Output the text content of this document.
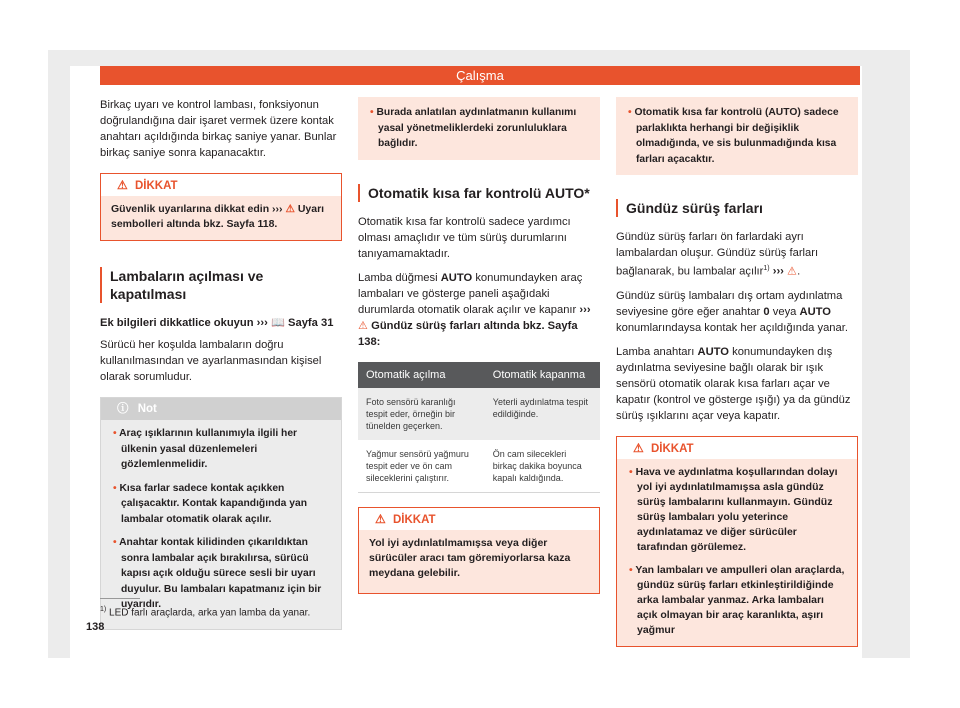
Çalışma

Birkaç uyarı ve kontrol lambası, fonksiyonun doğrulandığına dair işaret vermek üzere kontak anahtarı açıldığında birkaç saniye yanar. Bunlar birkaç saniye sonra kapanacaktır.

⚠ DİKKAT
Güvenlik uyarılarına dikkat edin ››› ⚠ Uyarı sembolleri altında bkz. Sayfa 118.
Lambaların açılması ve kapatılması

Ek bilgileri dikkatlice okuyun ››› 📖 Sayfa 31

Sürücü her koşulda lambaların doğru kullanılmasından ve ayarlanmasından kişisel olarak sorumludur.

ⓘ Not

• Araç ışıklarının kullanımıyla ilgili her ülkenin yasal düzenlemeleri gözlemlenmelidir.

• Kısa farlar sadece kontak açıkken çalışacaktır. Kontak kapandığında yan lambalar otomatik olarak açılır.

• Anahtar kontak kilidinden çıkarıldıktan sonra lambalar açık bırakılırsa, sürücü kapısı açık olduğu sürece sesli bir uyarı duyulur. Bu lambaları kapatmanız için bir uyarıdır.

• Burada anlatılan aydınlatmanın kullanımı yasal yönetmeliklerdeki zorunluluklara bağlıdır.

Otomatik kısa far kontrolü AUTO*

Otomatik kısa far kontrolü sadece yardımcı olması amaçlıdır ve tüm sürüş durumlarını tanıyamamaktadır.

Lamba düğmesi AUTO konumundayken araç lambaları ve gösterge paneli aşağıdaki durumlarda otomatik olarak açılır ve kapanır ››› ⚠ Gündüz sürüş farları altında bkz. Sayfa 138:

Otomatik açılma	Otomatik kapanma
Foto sensörü karanlığı tespit eder, örneğin bir tünelden geçerken.	Yeterli aydınlatma tespit edildiğinde.
Yağmur sensörü yağmuru tespit eder ve ön cam sileceklerini çalıştırır.	Ön cam silecekleri birkaç dakika boyunca kapalı kaldığında.
⚠ DİKKAT
Yol iyi aydınlatılmamışsa veya diğer sürücüler aracı tam göremiyorlarsa kaza meydana gelebilir.

• Otomatik kısa far kontrolü (AUTO) sadece parlaklıkta herhangi bir değişiklik olmadığında, ve sis bulunmadığında kısa farları açacaktır.

Gündüz sürüş farları

Gündüz sürüş farları ön farlardaki ayrı lambalardan oluşur. Gündüz sürüş farları bağlanarak, bu lambalar açılır$^{1)}$ ››› ⚠.

Gündüz sürüş lambaları dış ortam aydınlatma seviyesine göre eğer anahtar 0 veya AUTO konumlarındaysa kontak her açıldığında yanar.

Lamba anahtarı AUTO konumundayken dış aydınlatma seviyesine bağlı olarak bir ışık sensörü otomatik olarak kısa farları açar ve kapatır (kontrol ve gösterge ışığı) ya da gündüz sürüş ışıklarını açar veya kapatır.

⚠ DİKKAT

• Hava ve aydınlatma koşullarından dolayı yol iyi aydınlatılmamışsa asla gündüz sürüş lambalarını kullanmayın. Gündüz sürüş lambaları yolu yeterince aydınlatamaz ve diğer sürücüler tarafından görülemez.

• Yan lambaları ve ampulleri olan araçlarda, gündüz sürüş farları etkinleştirildiğinde arka lambalar yanmaz. Arka lambaları açık olmayan bir araç karanlıkta, aşırı yağmur

$^{1)}$ LED farlı araçlarda, arka yan lamba da yanar.
138
